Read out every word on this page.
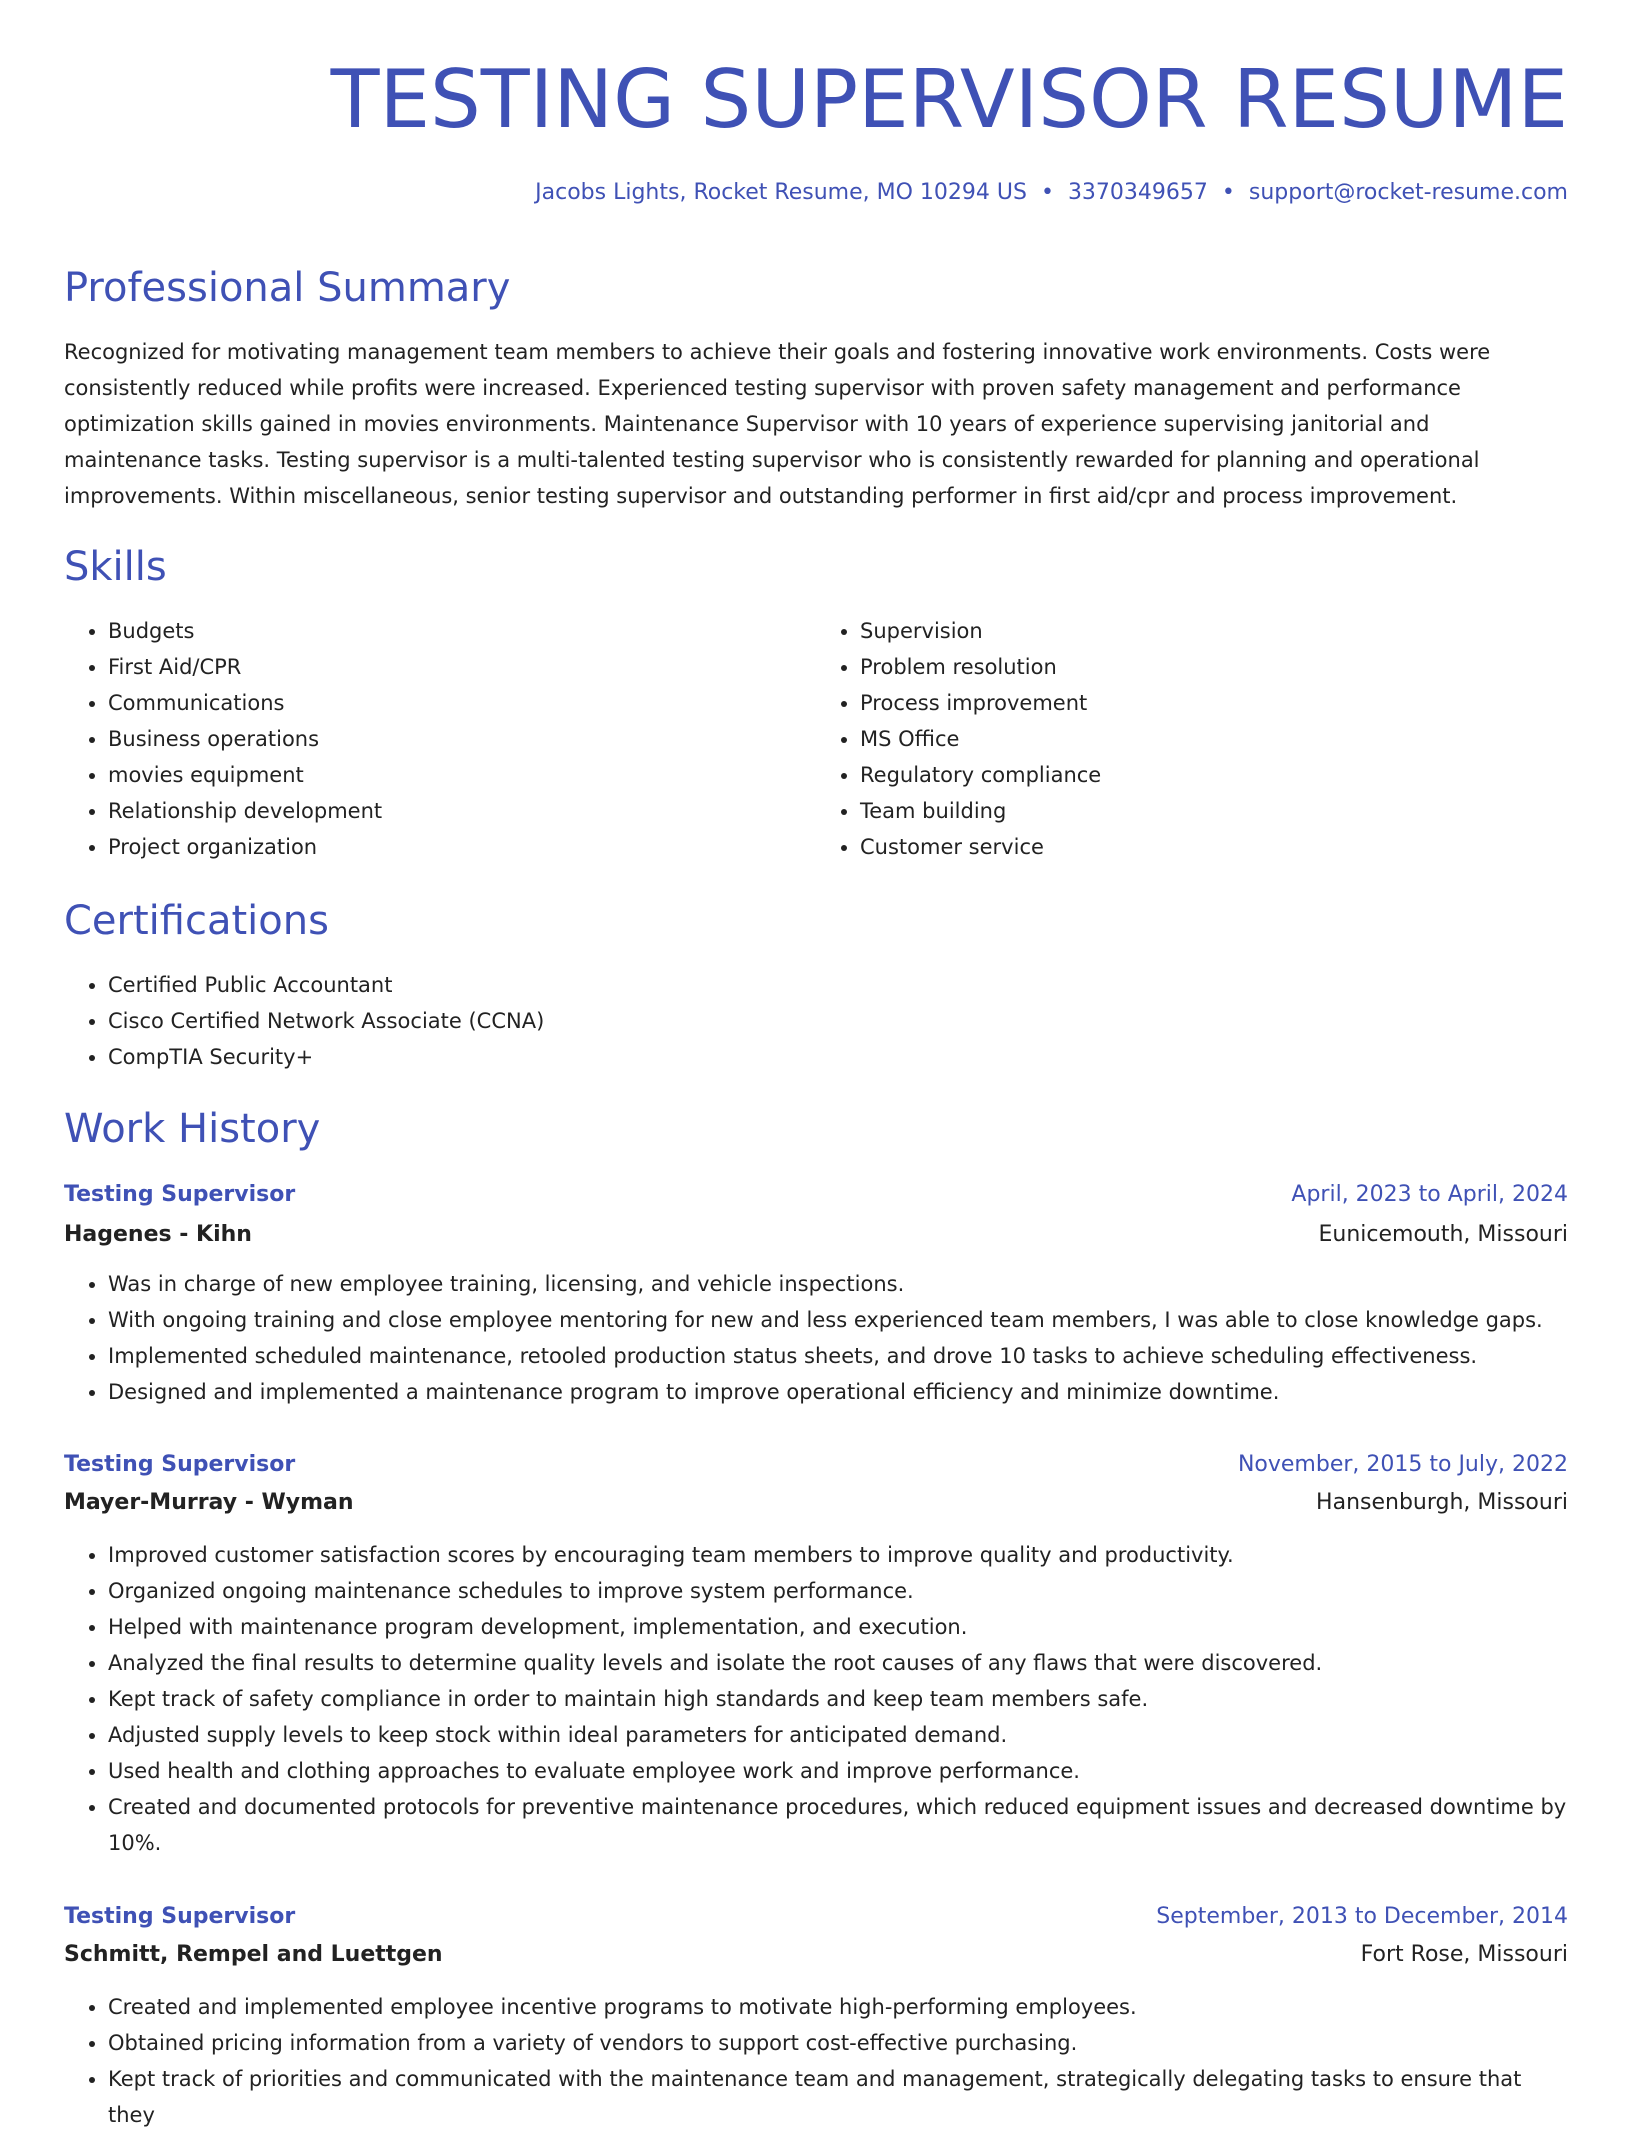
TESTING SUPERVISOR RESUME
Jacobs Lights, Rocket Resume, MO 10294 US • 3370349657 • support@rocket-resume.com
Professional Summary

Recognized for motivating management team members to achieve their goals and fostering innovative work environments. Costs were consistently reduced while profits were increased. Experienced testing supervisor with proven safety management and performance optimization skills gained in movies environments. Maintenance Supervisor with 10 years of experience supervising janitorial and maintenance tasks. Testing supervisor is a multi-talented testing supervisor who is consistently rewarded for planning and operational improvements. Within miscellaneous, senior testing supervisor and outstanding performer in first aid/cpr and process improvement.

Skills
• Budgets
• First Aid/CPR
• Communications
• Business operations
• movies equipment
• Relationship development
• Project organization
• Supervision
• Problem resolution
• Process improvement
• MS Office
• Regulatory compliance
• Team building
• Customer service
Certifications
• Certified Public Accountant
• Cisco Certified Network Associate (CCNA)
• CompTIA Security+
Work History
Testing Supervisor	April, 2023 to April, 2024
Hagenes - Kihn	Eunicemouth, Missouri
• Was in charge of new employee training, licensing, and vehicle inspections.
• With ongoing training and close employee mentoring for new and less experienced team members, I was able to close knowledge gaps.
• Implemented scheduled maintenance, retooled production status sheets, and drove 10 tasks to achieve scheduling effectiveness.
• Designed and implemented a maintenance program to improve operational efficiency and minimize downtime.
Testing Supervisor	November, 2015 to July, 2022
Mayer-Murray - Wyman	Hansenburgh, Missouri
• Improved customer satisfaction scores by encouraging team members to improve quality and productivity.
• Organized ongoing maintenance schedules to improve system performance.
• Helped with maintenance program development, implementation, and execution.
• Analyzed the final results to determine quality levels and isolate the root causes of any flaws that were discovered.
• Kept track of safety compliance in order to maintain high standards and keep team members safe.
• Adjusted supply levels to keep stock within ideal parameters for anticipated demand.
• Used health and clothing approaches to evaluate employee work and improve performance.
• Created and documented protocols for preventive maintenance procedures, which reduced equipment issues and decreased downtime by 10%.
Testing Supervisor	September, 2013 to December, 2014
Schmitt, Rempel and Luettgen	Fort Rose, Missouri
• Created and implemented employee incentive programs to motivate high-performing employees.
• Obtained pricing information from a variety of vendors to support cost-effective purchasing.
• Kept track of priorities and communicated with the maintenance team and management, strategically delegating tasks to ensure that they
